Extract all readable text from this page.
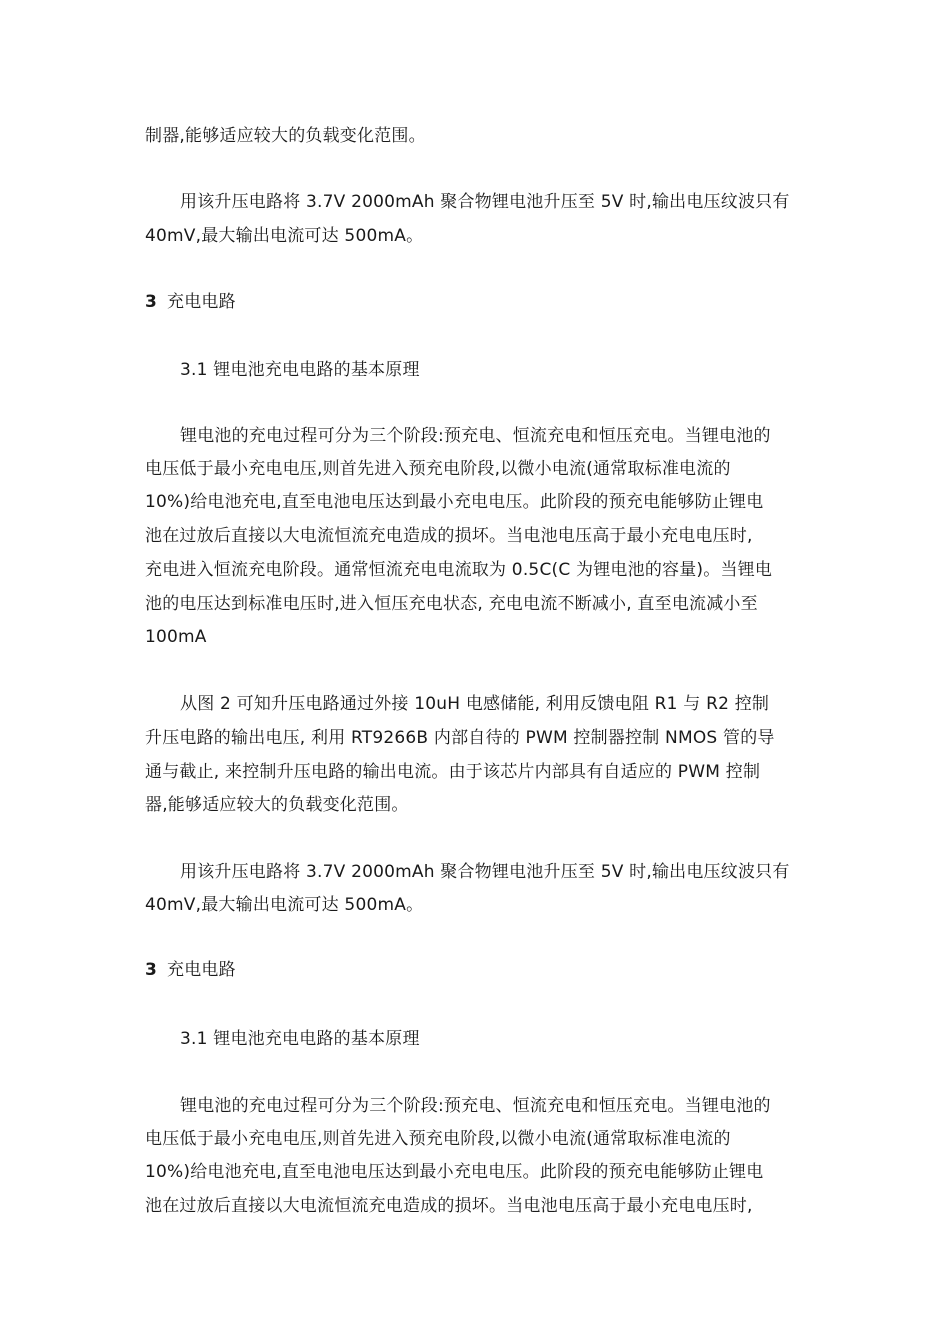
制器,能够适应较大的负载变化范围。
用该升压电路将 3.7V 2000mAh 聚合物锂电池升压至 5V 时,输出电压纹波只有
40mV,最大输出电流可达 500mA。
3 充电电路
3.1 锂电池充电电路的基本原理
锂电池的充电过程可分为三个阶段:预充电、恒流充电和恒压充电。当锂电池的
电压低于最小充电电压,则首先进入预充电阶段,以微小电流(通常取标准电流的
10%)给电池充电,直至电池电压达到最小充电电压。此阶段的预充电能够防止锂电
池在过放后直接以大电流恒流充电造成的损坏。当电池电压高于最小充电电压时,
充电进入恒流充电阶段。通常恒流充电电流取为 0.5C(C 为锂电池的容量)。当锂电
池的电压达到标准电压时,进入恒压充电状态, 充电电流不断减小, 直至电流减小至
100mA
从图 2 可知升压电路通过外接 10uH 电感储能, 利用反馈电阻 R1 与 R2 控制
升压电路的输出电压, 利用 RT9266B 内部自待的 PWM 控制器控制 NMOS 管的导
通与截止, 来控制升压电路的输出电流。由于该芯片内部具有自适应的 PWM 控制
器,能够适应较大的负载变化范围。
用该升压电路将 3.7V 2000mAh 聚合物锂电池升压至 5V 时,输出电压纹波只有
40mV,最大输出电流可达 500mA。
3 充电电路
3.1 锂电池充电电路的基本原理
锂电池的充电过程可分为三个阶段:预充电、恒流充电和恒压充电。当锂电池的
电压低于最小充电电压,则首先进入预充电阶段,以微小电流(通常取标准电流的
10%)给电池充电,直至电池电压达到最小充电电压。此阶段的预充电能够防止锂电
池在过放后直接以大电流恒流充电造成的损坏。当电池电压高于最小充电电压时,
